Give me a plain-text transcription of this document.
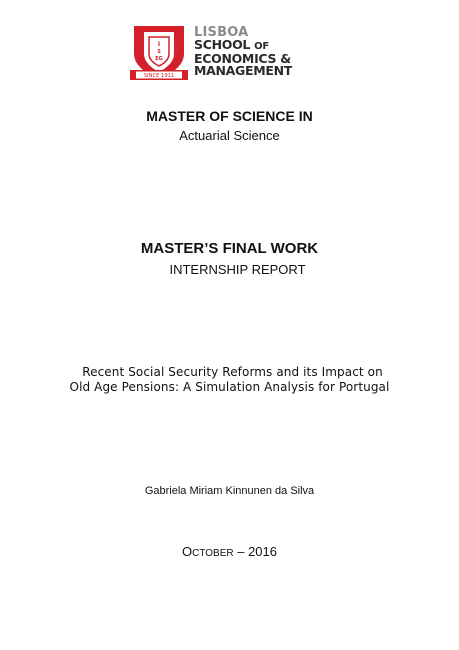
I
S
EG
SINCE 1911
LISBOA
SCHOOL OF
ECONOMICS &
MANAGEMENT
MASTER OF SCIENCE IN
Actuarial Science
MASTER’S FINAL WORK
INTERNSHIP REPORT
Recent Social Security Reforms and its Impact on
Old Age Pensions: A Simulation Analysis for Portugal
Gabriela Miriam Kinnunen da Silva
OCTOBER – 2016
